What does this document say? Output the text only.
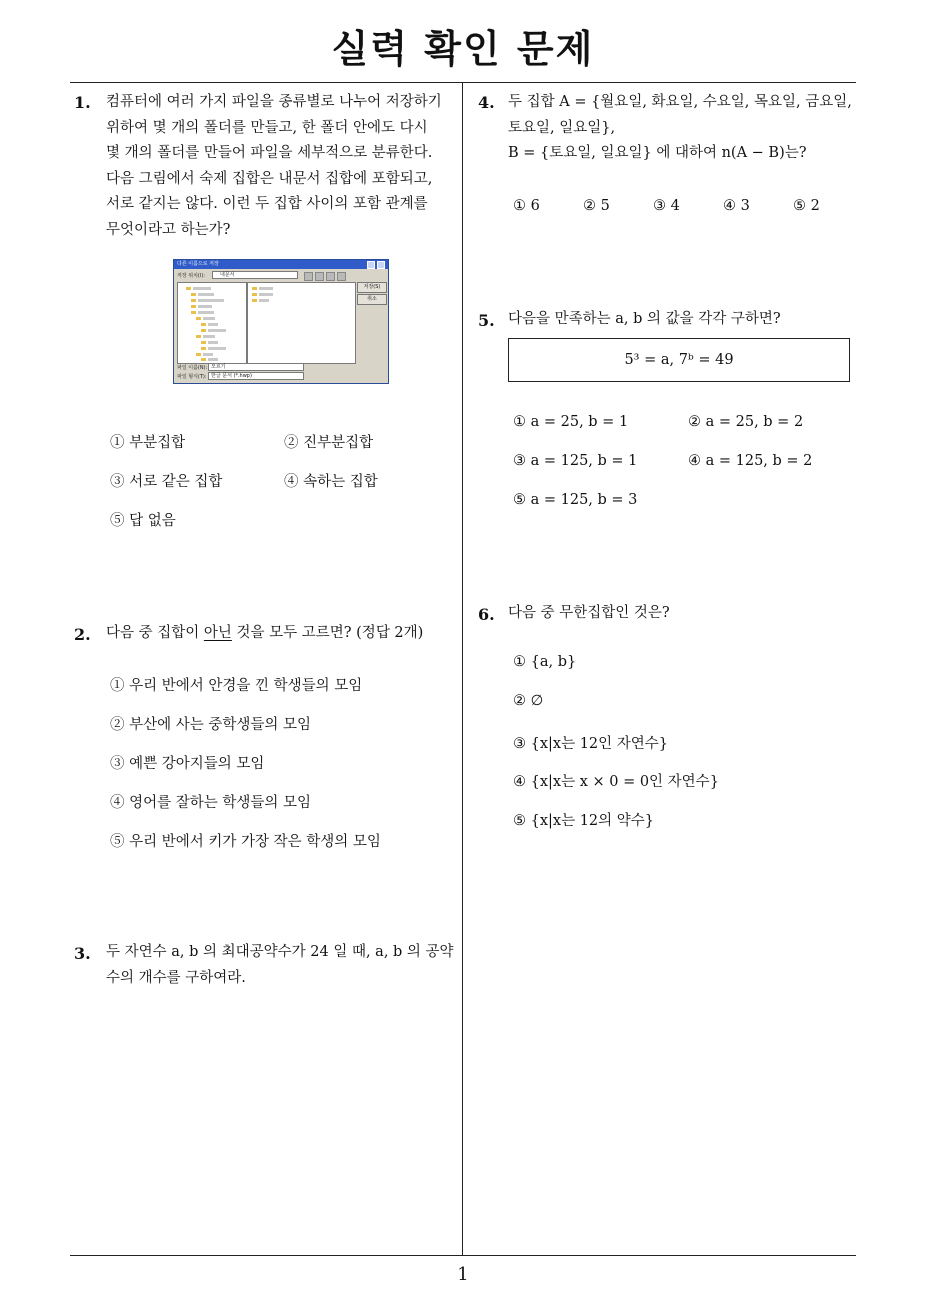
실력 확인 문제
1
1. 컴퓨터에 여러 가지 파일을 종류별로 나누어 저장하기
위하여 몇 개의 폴더를 만들고, 한 폴더 안에도 다시
몇 개의 폴더를 만들어 파일을 세부적으로 분류한다.
다음 그림에서 숙제 집합은 내문서 집합에 포함되고,
서로 같지는 않다. 이런 두 집합 사이의 포함 관계를
무엇이라고 하는가?
다른 이름으로 저장
저장 위치(I):	내문서
저장(S)
취소
파일 이름(N): 모르기
파일 형식(T): 한글 문서 (*.hwp)
① 부분집합	② 진부분집합
③ 서로 같은 집합	④ 속하는 집합
⑤ 답 없음
2. 다음 중 집합이 아닌 것을 모두 고르면? (정답 2개)
① 우리 반에서 안경을 낀 학생들의 모임
② 부산에 사는 중학생들의 모임
③ 예쁜 강아지들의 모임
④ 영어를 잘하는 학생들의 모임
⑤ 우리 반에서 키가 가장 작은 학생의 모임
3. 두 자연수 a, b 의 최대공약수가 24 일 때, a, b 의 공약
수의 개수를 구하여라.
4. 두 집합 A = {월요일, 화요일, 수요일, 목요일, 금요일,
토요일, 일요일},
B = {토요일, 일요일} 에 대하여 n(A − B)는?
① 6	② 5	③ 4	④ 3	⑤ 2
5. 다음을 만족하는 a, b 의 값을 각각 구하면?
5³ = a, 7ᵇ = 49
① a = 25, b = 1	② a = 25, b = 2
③ a = 125, b = 1	④ a = 125, b = 2
⑤ a = 125, b = 3
6. 다음 중 무한집합인 것은?
① {a, b}
② ∅
③ {x|x는 12인 자연수}
④ {x|x는 x × 0 = 0인 자연수}
⑤ {x|x는 12의 약수}
